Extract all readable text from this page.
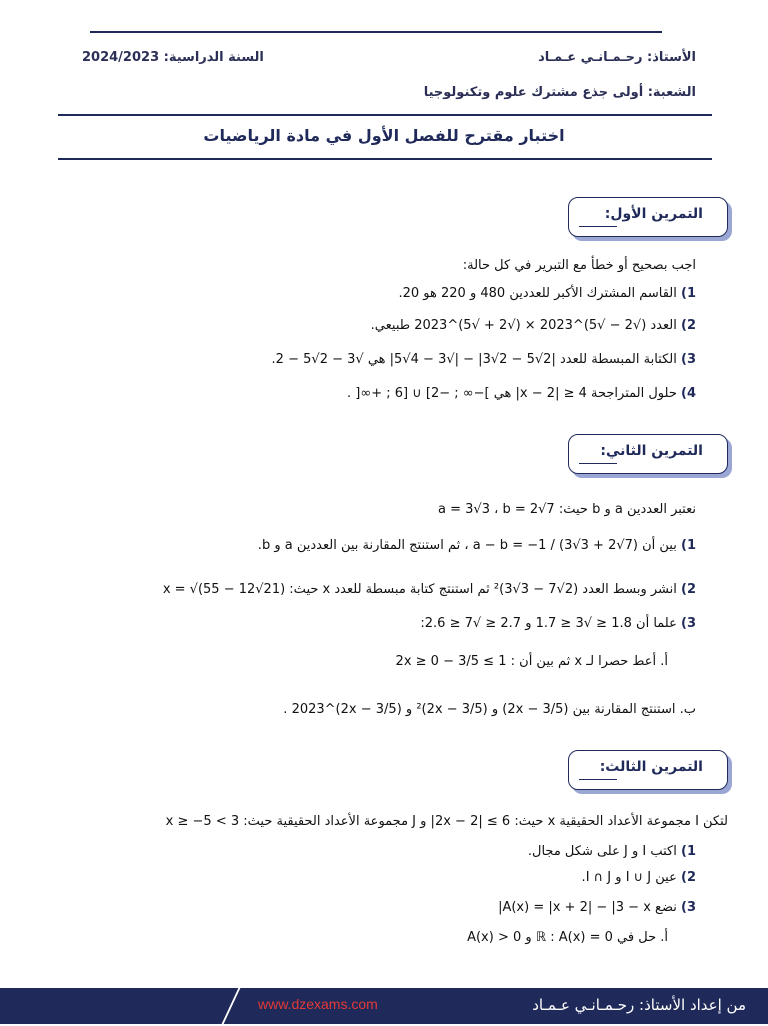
الأستاذ: رحـمـانـي عـمـاد
السنة الدراسية: 2024/2023
الشعبة: أولى جذع مشترك علوم وتكنولوجيا
اختبار مقترح للفصل الأول في مادة الرياضيات
التمرين الأول:
اجب بصحيح أو خطأ مع التبرير في كل حالة:
1) القاسم المشترك الأكبر للعددين 480 و 220 هو 20.
2) العدد (√2 − √5)^2023 × (√2 + √5)^2023 طبيعي.
3) الكتابة المبسطة للعدد |2√5 − 2√3| − |√3 − 4√5| هي √3 − 2√5 − 2.
4) حلول المتراجحة 4 ≤ |2 − x| هي ]−∞ ; −2] ∪ [6 ; +∞[ .
التمرين الثاني:
نعتبر العددين a و b حيث: a = 3√3 ، b = 2√7
1) بين أن a − b = −1 / (3√3 + 2√7) ، ثم استنتج المقارنة بين العددين a و b.
2) انشر وبسط العدد (2√7 − 3√3)² ثم استنتج كتابة مبسطة للعدد x حيث: x = √(55 − 12√21)
3) علما أن 1.8 ≤ √3 ≤ 1.7 و 2.7 ≤ √7 ≤ 2.6:
أ. أعط حصرا لـ x ثم بين أن : 1 ≥ 3/5 − 2x ≥ 0
ب. استنتج المقارنة بين (3/5 − 2x) و (3/5 − 2x)² و (3/5 − 2x)^2023 .
التمرين الثالث:
لتكن I مجموعة الأعداد الحقيقية x حيث: 6 ≥ |2x − 2| و J مجموعة الأعداد الحقيقية حيث: 3 > x ≥ −5
1) اكتب I و J على شكل مجال.
2) عين I ∪ J و I ∩ J.
3) نضع A(x) = |x + 2| − |3 − x|
أ. حل في ℝ : A(x) = 0 و A(x) > 0
www.dzexams.com	من إعداد الأستاذ: رحـمـانـي عـمـاد
